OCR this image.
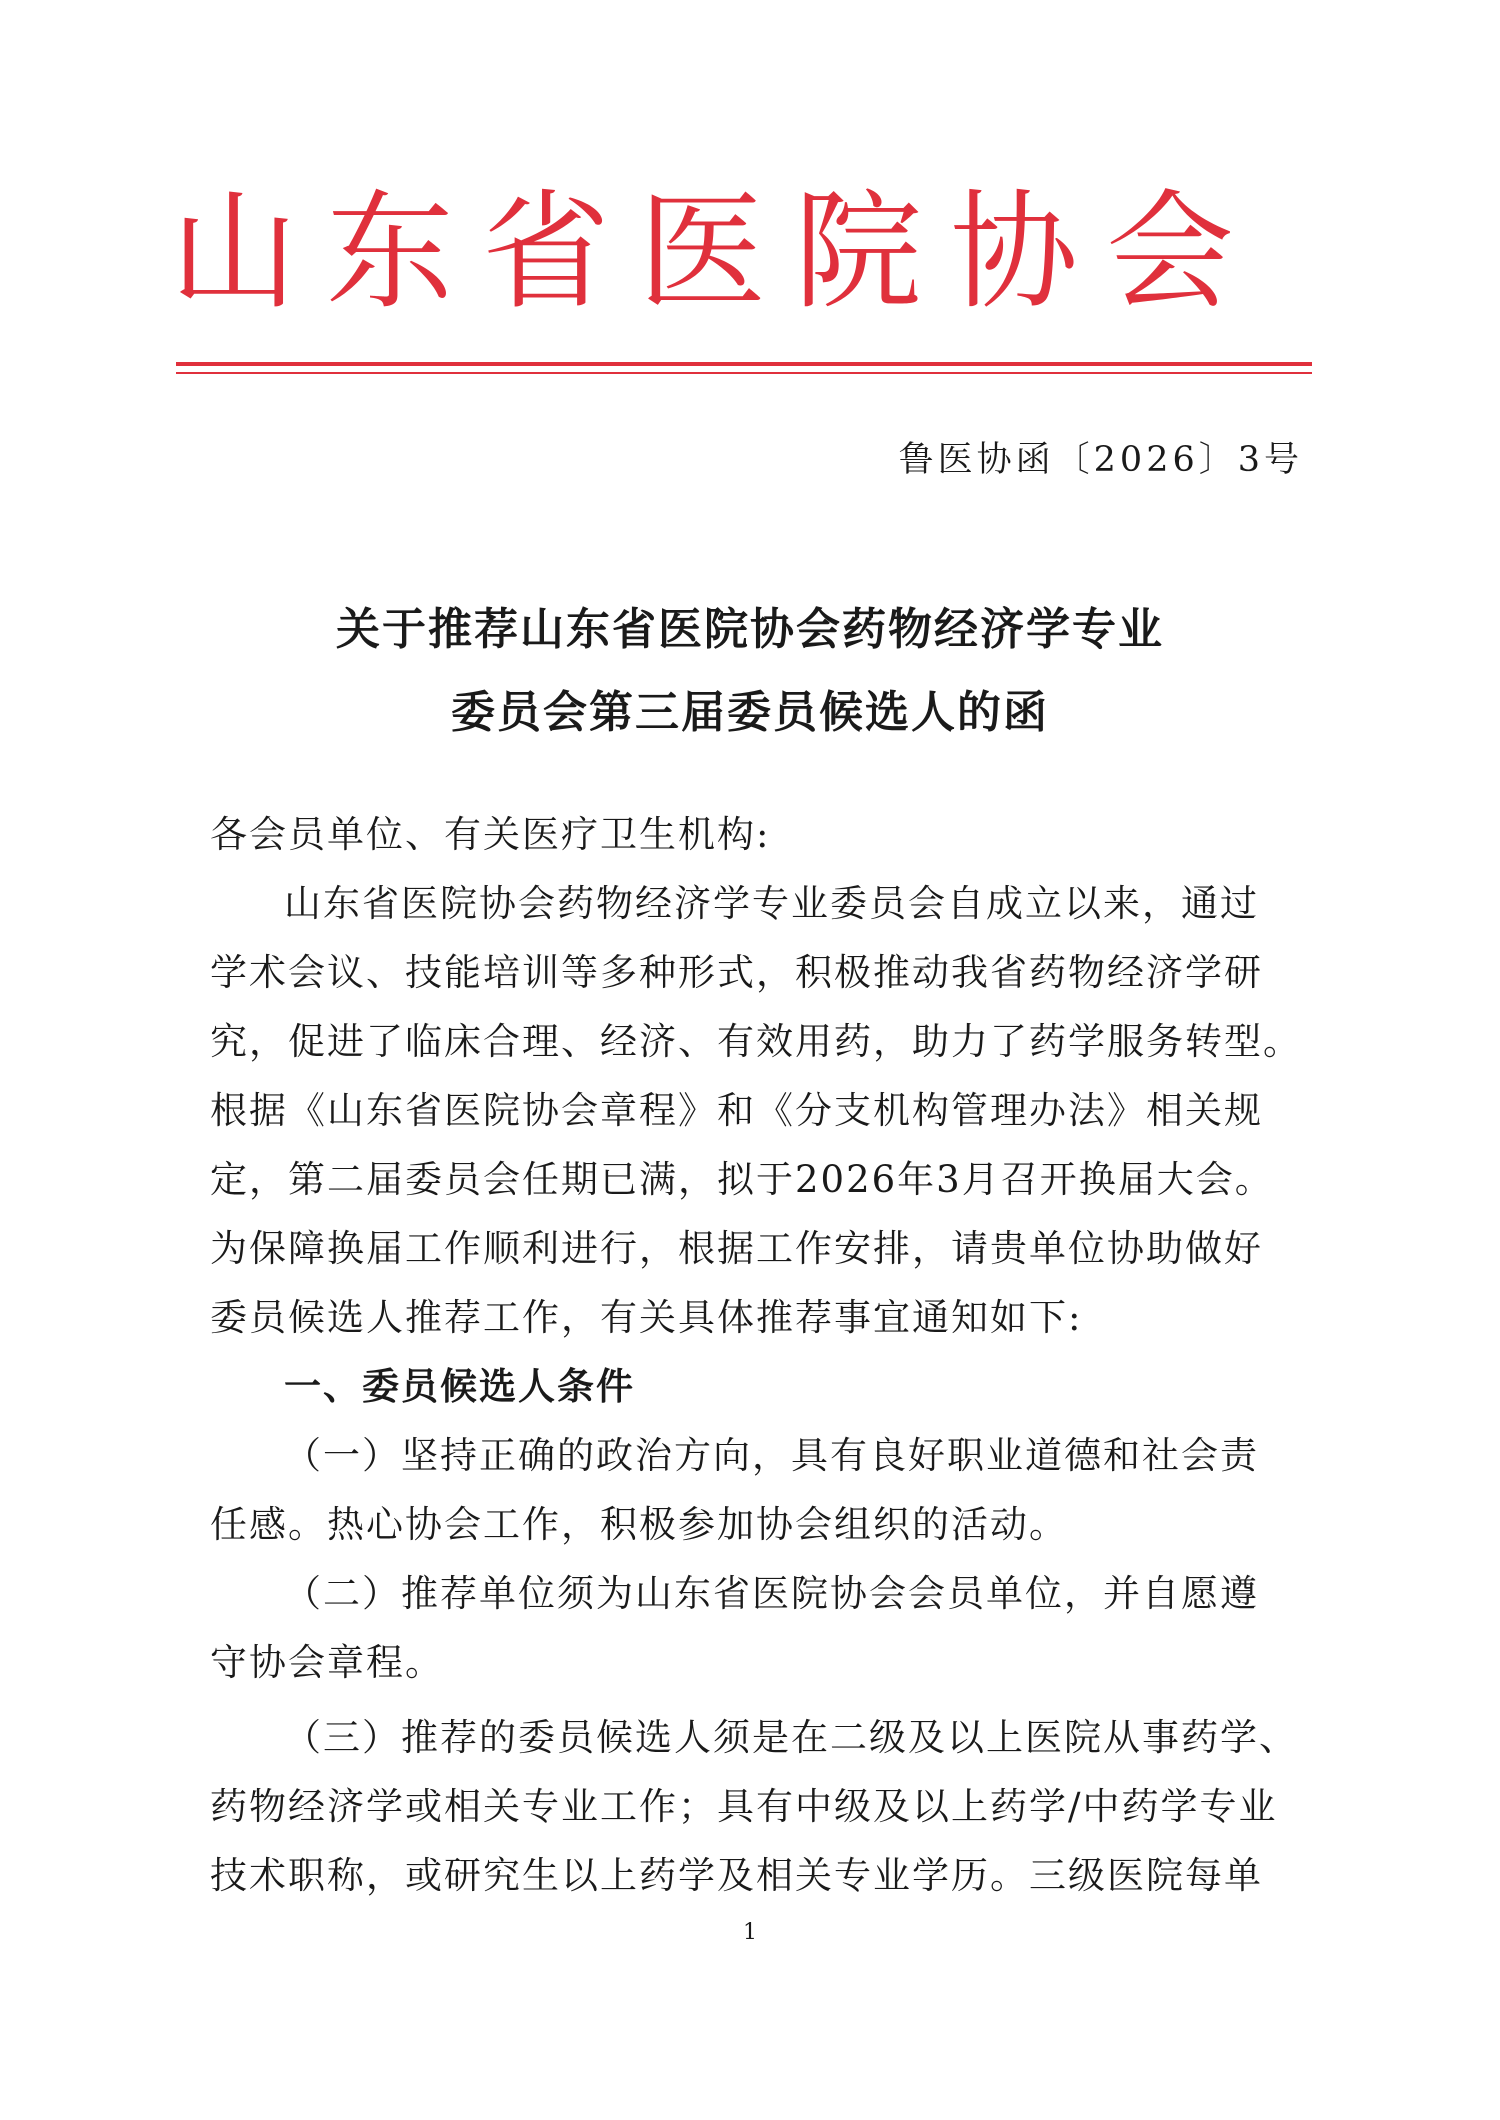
山东省医院协会
鲁医协函〔2026〕3号
关于推荐山东省医院协会药物经济学专业
委员会第三届委员候选人的函
各会员单位、有关医疗卫生机构:
山东省医院协会药物经济学专业委员会自成立以来，通过
学术会议、技能培训等多种形式，积极推动我省药物经济学研
究，促进了临床合理、经济、有效用药，助力了药学服务转型。
根据《山东省医院协会章程》和《分支机构管理办法》相关规
定，第二届委员会任期已满，拟于2026年3月召开换届大会。
为保障换届工作顺利进行，根据工作安排，请贵单位协助做好
委员候选人推荐工作，有关具体推荐事宜通知如下:
一、委员候选人条件
（一）坚持正确的政治方向，具有良好职业道德和社会责
任感。热心协会工作，积极参加协会组织的活动。
（二）推荐单位须为山东省医院协会会员单位，并自愿遵
守协会章程。
（三）推荐的委员候选人须是在二级及以上医院从事药学、
药物经济学或相关专业工作；具有中级及以上药学/中药学专业
技术职称，或研究生以上药学及相关专业学历。三级医院每单
1
